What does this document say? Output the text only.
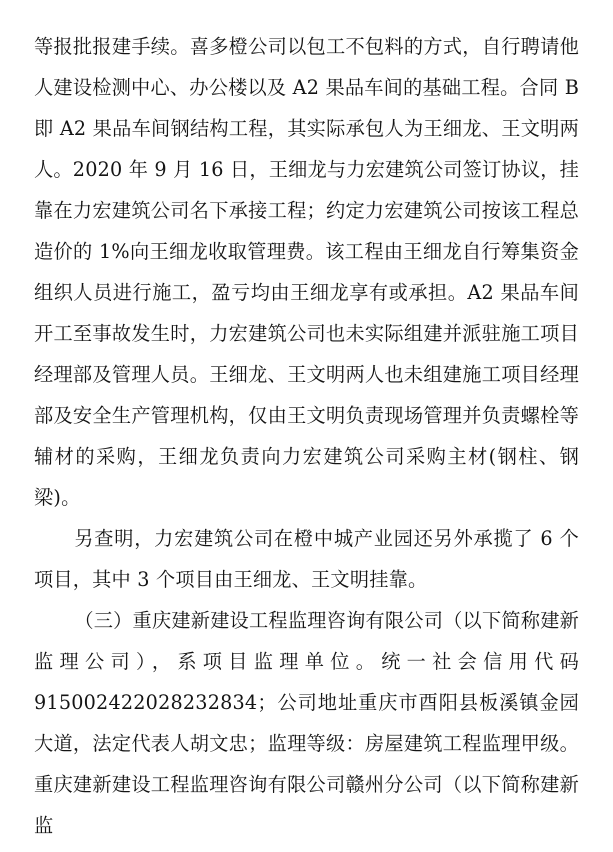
等报批报建手续。喜多橙公司以包工不包料的方式，自行聘请他人建设检测中心、办公楼以及 A2 果品车间的基础工程。合同 B 即 A2 果品车间钢结构工程，其实际承包人为王细龙、王文明两人。2020 年 9 月 16 日，王细龙与力宏建筑公司签订协议，挂靠在力宏建筑公司名下承接工程；约定力宏建筑公司按该工程总造价的 1%向王细龙收取管理费。该工程由王细龙自行筹集资金组织人员进行施工，盈亏均由王细龙享有或承担。A2 果品车间开工至事故发生时，力宏建筑公司也未实际组建并派驻施工项目经理部及管理人员。王细龙、王文明两人也未组建施工项目经理部及安全生产管理机构，仅由王文明负责现场管理并负责螺栓等辅材的采购，王细龙负责向力宏建筑公司采购主材(钢柱、钢梁)。

另查明，力宏建筑公司在橙中城产业园还另外承揽了 6 个项目，其中 3 个项目由王细龙、王文明挂靠。

（三）重庆建新建设工程监理咨询有限公司（以下简称建新监理公司），系项目监理单位。统一社会信用代码915002422028232834；公司地址重庆市酉阳县板溪镇金园大道，法定代表人胡文忠；监理等级：房屋建筑工程监理甲级。重庆建新建设工程监理咨询有限公司赣州分公司（以下简称建新监
